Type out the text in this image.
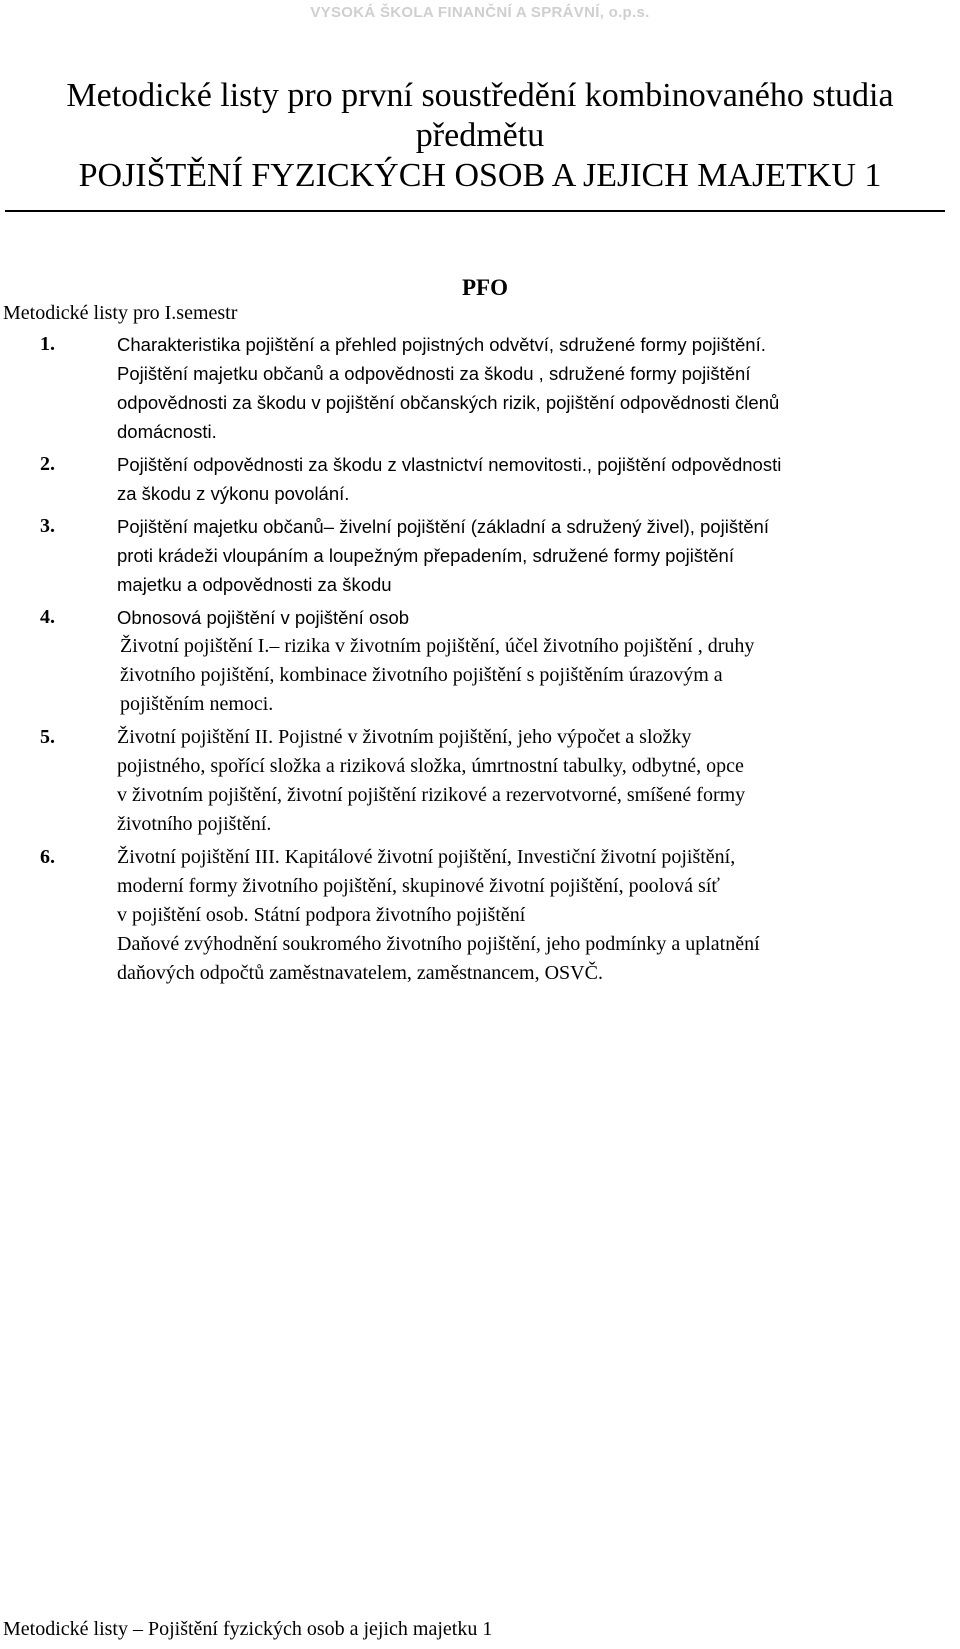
VYSOKÁ ŠKOLA FINANČNÍ A SPRÁVNÍ, o.p.s.
Metodické listy pro první soustředění kombinovaného studia
předmětu
POJIŠTĚNÍ FYZICKÝCH OSOB A JEJICH MAJETKU 1
PFO
Metodické listy pro I.semestr
1.	Charakteristika pojištění a přehled pojistných odvětví, sdružené formy pojištění.
Pojištění majetku občanů a odpovědnosti za škodu , sdružené formy pojištění
odpovědnosti za škodu v pojištění občanských rizik, pojištění odpovědnosti členů
domácnosti.
2.	Pojištění odpovědnosti za škodu z vlastnictví nemovitosti., pojištění odpovědnosti
za škodu z výkonu povolání.
3.	Pojištění majetku občanů– živelní pojištění (základní a sdružený živel), pojištění
proti krádeži vloupáním a loupežným přepadením, sdružené formy pojištění
majetku a odpovědnosti za škodu
4.	Obnosová pojištění v pojištění osob
Životní pojištění I.– rizika v životním pojištění, účel životního pojištění , druhy
životního pojištění, kombinace životního pojištění s pojištěním úrazovým a
pojištěním nemoci.
5.	Životní pojištění II. Pojistné v životním pojištění, jeho výpočet a složky
pojistného, spořící složka a riziková složka, úmrtnostní tabulky, odbytné, opce
v životním pojištění, životní pojištění rizikové a rezervotvorné, smíšené formy
životního pojištění.
6.	Životní pojištění III. Kapitálové životní pojištění, Investiční životní pojištění,
moderní formy životního pojištění, skupinové životní pojištění, poolová síť
v pojištění osob. Státní podpora životního pojištění
Daňové zvýhodnění soukromého životního pojištění, jeho podmínky a uplatnění
daňových odpočtů zaměstnavatelem, zaměstnancem, OSVČ.
Metodické listy – Pojištění fyzických osob a jejich majetku 1
